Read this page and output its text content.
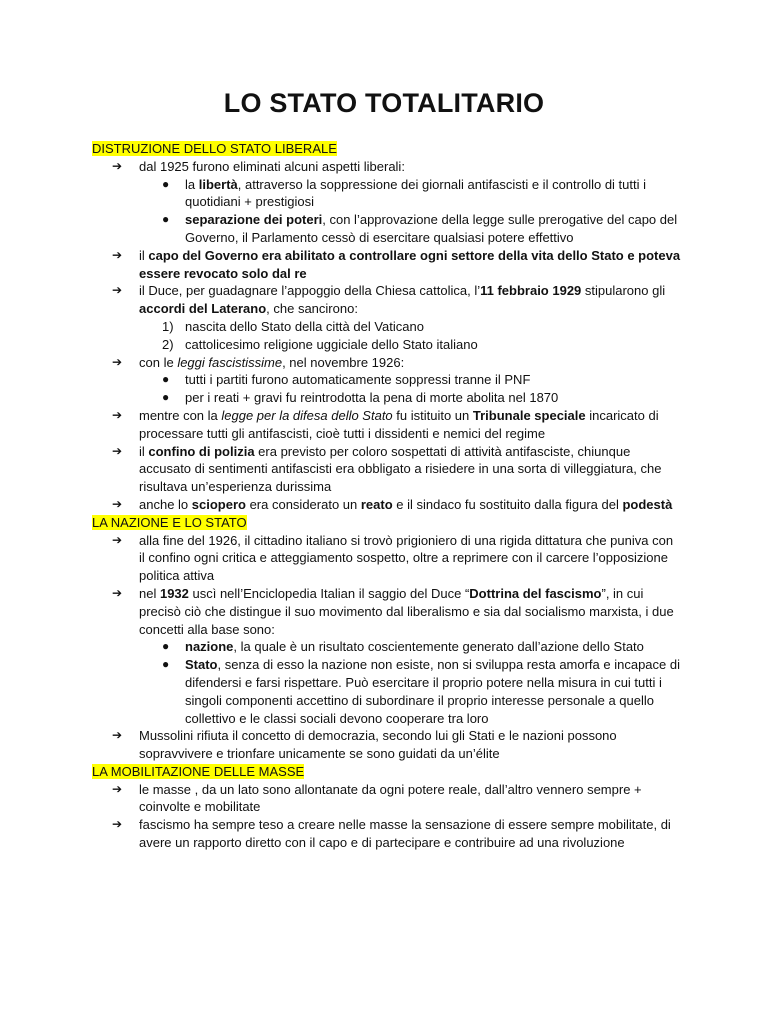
LO STATO TOTALITARIO
DISTRUZIONE DELLO STATO LIBERALE
➔	dal 1925 furono eliminati alcuni aspetti liberali:
● la libertà, attraverso la soppressione dei giornali antifascisti e il controllo di tutti i quotidiani + prestigiosi
● separazione dei poteri, con l’approvazione della legge sulle prerogative del capo del Governo, il Parlamento cessò di esercitare qualsiasi potere effettivo
➔	il capo del Governo era abilitato a controllare ogni settore della vita dello Stato e poteva essere revocato solo dal re
➔	il Duce, per guadagnare l’appoggio della Chiesa cattolica, l’11 febbraio 1929 stipularono gli accordi del Laterano, che sancirono:
1) nascita dello Stato della città del Vaticano
2) cattolicesimo religione uggiciale dello Stato italiano
➔	con le leggi fascistissime, nel novembre 1926:
● tutti i partiti furono automaticamente soppressi tranne il PNF
● per i reati + gravi fu reintrodotta la pena di morte abolita nel 1870
➔	mentre con la legge per la difesa dello Stato fu istituito un Tribunale speciale incaricato di processare tutti gli antifascisti, cioè tutti i dissidenti e nemici del regime
➔	il confino di polizia era previsto per coloro sospettati di attività antifasciste, chiunque accusato di sentimenti antifascisti era obbligato a risiedere in una sorta di villeggiatura, che risultava un’esperienza durissima
➔	anche lo sciopero era considerato un reato e il sindaco fu sostituito dalla figura del podestà
LA NAZIONE E LO STATO
➔	alla fine del 1926, il cittadino italiano si trovò prigioniero di una rigida dittatura che puniva con il confino ogni critica e atteggiamento sospetto, oltre a reprimere con il carcere l’opposizione politica attiva
➔	nel 1932 uscì nell’Enciclopedia Italian il saggio del Duce “Dottrina del fascismo”, in cui precisò ciò che distingue il suo movimento dal liberalismo e sia dal socialismo marxista, i due concetti alla base sono:
● nazione, la quale è un risultato coscientemente generato dall’azione dello Stato
● Stato, senza di esso la nazione non esiste, non si sviluppa resta amorfa e incapace di difendersi e farsi rispettare. Può esercitare il proprio potere nella misura in cui tutti i singoli componenti accettino di subordinare il proprio interesse personale a quello collettivo e le classi sociali devono cooperare tra loro
➔	Mussolini rifiuta il concetto di democrazia, secondo lui gli Stati e le nazioni possono sopravvivere e trionfare unicamente se sono guidati da un’élite
LA MOBILITAZIONE DELLE MASSE
➔	le masse , da un lato sono allontanate da ogni potere reale, dall’altro vennero sempre + coinvolte e mobilitate
➔	fascismo ha sempre teso a creare nelle masse la sensazione di essere sempre mobilitate, di avere un rapporto diretto con il capo e di partecipare e contribuire ad una rivoluzione
